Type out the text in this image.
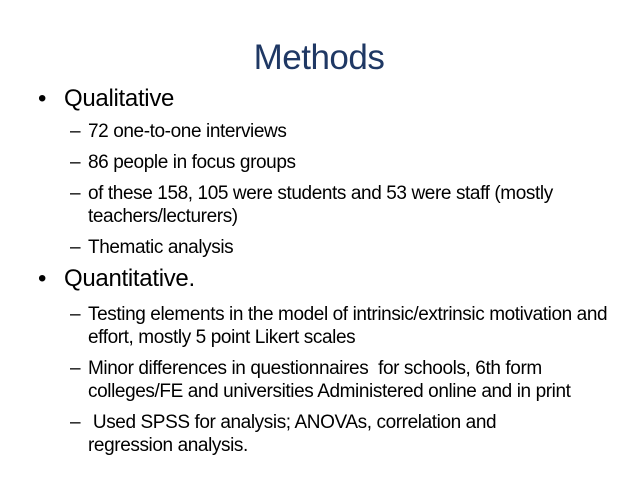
Methods
• Qualitative
– 72 one-to-one interviews
– 86 people in focus groups
– of these 158, 105 were students and 53 were staff (mostly teachers/lecturers)
– Thematic analysis
• Quantitative.
– Testing elements in the model of intrinsic/extrinsic motivation and effort, mostly 5 point Likert scales
– Minor differences in questionnaires  for schools, 6th form colleges/FE and universities Administered online and in print
– Used SPSS for analysis; ANOVAs, correlation and regression analysis.
